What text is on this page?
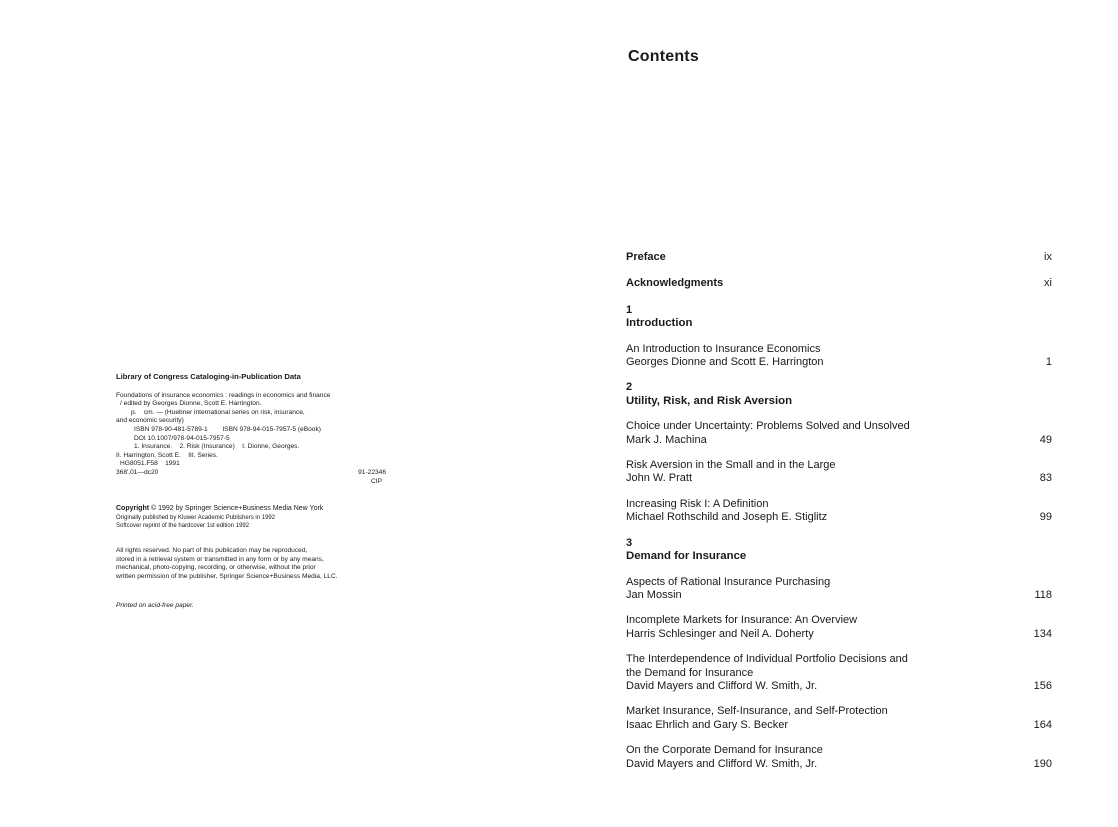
Library of Congress Cataloging-in-Publication Data
Foundations of insurance economics : readings in economics and finance
/ edited by Georges Dionne, Scott E. Harrington.
p.    cm. — (Huebner international series on risk, insurance,
and economic security)
ISBN 978-90-481-5789-1        ISBN 978-94-015-7957-5 (eBook)
DOI 10.1007/978-94-015-7957-5
1. Insurance.    2. Risk (Insurance)    I. Dionne, Georges.
II. Harrington, Scott E.    III. Series.
HG8051.F58    1991
368'.01—dc20	91-22346
CIP
Copyright © 1992 by Springer Science+Business Media New York
Originally published by Kluwer Academic Publishers in 1992
Softcover reprint of the hardcover 1st edition 1992
All rights reserved. No part of this publication may be reproduced,
stored in a retrieval system or transmitted in any form or by any means,
mechanical, photo-copying, recording, or otherwise, without the prior
written permission of the publisher, Springer Science+Business Media, LLC.
Printed on acid-free paper.
Contents
Preface	ix
Acknowledgments	xi
1
Introduction
An Introduction to Insurance Economics
Georges Dionne and Scott E. Harrington	1
2
Utility, Risk, and Risk Aversion
Choice under Uncertainty: Problems Solved and Unsolved
Mark J. Machina	49
Risk Aversion in the Small and in the Large
John W. Pratt	83
Increasing Risk I: A Definition
Michael Rothschild and Joseph E. Stiglitz	99
3
Demand for Insurance
Aspects of Rational Insurance Purchasing
Jan Mossin	118
Incomplete Markets for Insurance: An Overview
Harris Schlesinger and Neil A. Doherty	134
The Interdependence of Individual Portfolio Decisions and
the Demand for Insurance
David Mayers and Clifford W. Smith, Jr.	156
Market Insurance, Self-Insurance, and Self-Protection
Isaac Ehrlich and Gary S. Becker	164
On the Corporate Demand for Insurance
David Mayers and Clifford W. Smith, Jr.	190
